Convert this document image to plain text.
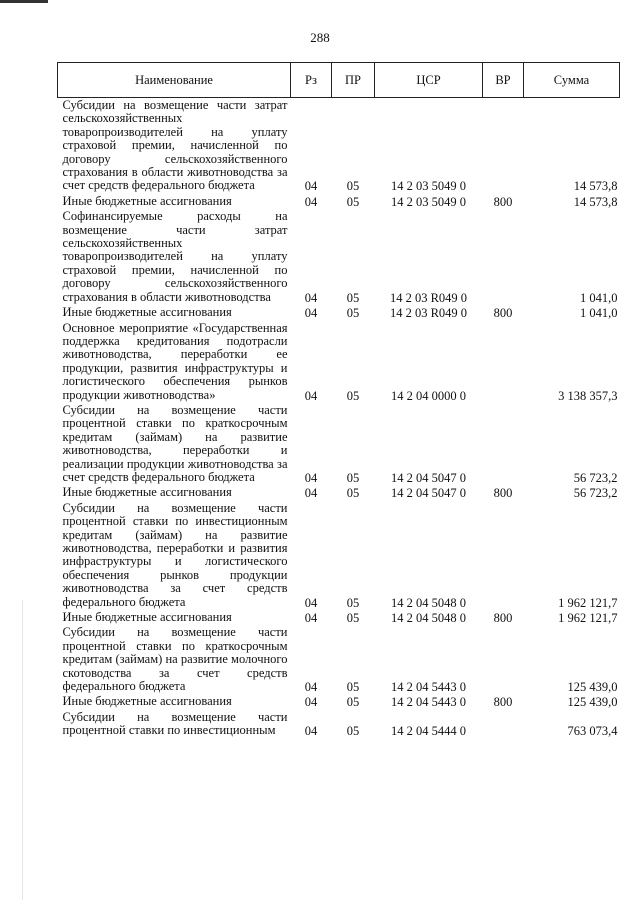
288
Наименование	Рз	ПР	ЦСР	ВР	Сумма
Субсидии на возмещение части затрат сельскохозяйственных товаропроизводителей на уплату страховой премии, начисленной по договору сельскохозяйственного страхования в области животноводства за счет средств федерального бюджета	04	05	14 2 03 5049 0		14 573,8
Иные бюджетные ассигнования	04	05	14 2 03 5049 0	800	14 573,8
Софинансируемые расходы на возмещение части затрат сельскохозяйственных товаропроизводителей на уплату страховой премии, начисленной по договору сельскохозяйственного страхования в области животноводства	04	05	14 2 03 R049 0		1 041,0
Иные бюджетные ассигнования	04	05	14 2 03 R049 0	800	1 041,0
Основное мероприятие «Государственная поддержка кредитования подотрасли животноводства, переработки ее продукции, развития инфраструктуры и логистического обеспечения рынков продукции животноводства»	04	05	14 2 04 0000 0		3 138 357,3
Субсидии на возмещение части процентной ставки по краткосрочным кредитам (займам) на развитие животноводства, переработки и реализации продукции животноводства за счет средств федерального бюджета	04	05	14 2 04 5047 0		56 723,2
Иные бюджетные ассигнования	04	05	14 2 04 5047 0	800	56 723,2
Субсидии на возмещение части процентной ставки по инвестиционным кредитам (займам) на развитие животноводства, переработки и развития инфраструктуры и логистического обеспечения рынков продукции животноводства за счет средств федерального бюджета	04	05	14 2 04 5048 0		1 962 121,7
Иные бюджетные ассигнования	04	05	14 2 04 5048 0	800	1 962 121,7
Субсидии на возмещение части процентной ставки по краткосрочным кредитам (займам) на развитие молочного скотоводства за счет средств федерального бюджета	04	05	14 2 04 5443 0		125 439,0
Иные бюджетные ассигнования	04	05	14 2 04 5443 0	800	125 439,0
Субсидии на возмещение части процентной ставки по инвестиционным	04	05	14 2 04 5444 0		763 073,4
